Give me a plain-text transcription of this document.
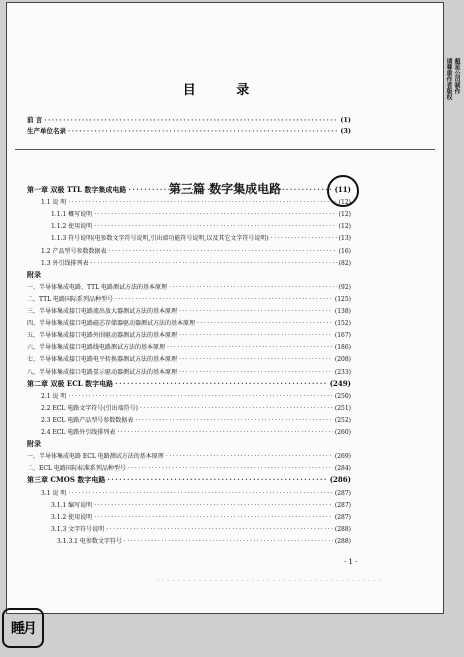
目 录
前 言 ·····	(1)
生产单位名录 ·····	(3)
第三篇 数字集成电路
第一章 双极 TTL 数字集成电路 ·····	(11)
1.1 说 明 ·····	(12)
1.1.1 概写说明 ·····	(12)
1.1.2 使用说明 ·····	(12)
1.1.3 符号说明(电参数文字符号说明,引出端功能符号说明,以及其它文字符号说明) ·····	(13)
1.2 产品型号参数数据表 ·····	(16)
1.3 外引线排列表 ·····	(82)
附录
一、半导体集成电路、TTL 电路测试方法的基本原理 ·····	(92)
二、TTL 电路国际系列品种型号 ·····	(125)
三、半导体集成接口电路流出放大器测试方法的基本原理 ·····	(138)
四、半导体集成接口电路磁芯存储器驱动器测试方法的基本原理 ·····	(152)
五、半导体集成接口电路外围驱动器测试方法的基本原理 ·····	(167)
六、半导体集成接口电路线电路测试方法的基本原理 ·····	(186)
七、半导体集成接口电路电平转换器测试方法的基本原理 ·····	(208)
八、半导体集成接口电路显示驱动器测试方法的基本原理 ·····	(233)
第二章 双极 ECL 数字电路 ·····	(249)
2.1 说 明 ·····	(250)
2.2 ECL 电路文字符号(引出端符号) ·····	(251)
2.3 ECL 电路产品型号参数数据表 ·····	(252)
2.4 ECL 电路外引线排列表 ·····	(260)
附录
一、半导体集成电路 ECL 电路测试方法的基本原理 ·····	(269)
二、ECL 电路国际标准系列品种型号 ·····	(284)
第三章 CMOS 数字电路 ·····	(286)
3.1 说 明 ·····	(287)
3.1.1 编写说明 ·····	(287)
3.1.2 使用说明 ·····	(287)
3.1.3 文字符号说明 ·····	(288)
3.1.3.1 电参数文字符号 ·····	(288)
· 1 ·
- - - - - - - - - - - - - - - - - - - - - - - - - - - - - - - - - - - - - - - - - - -
超星公司制作
请尊重作者版权
睡月
